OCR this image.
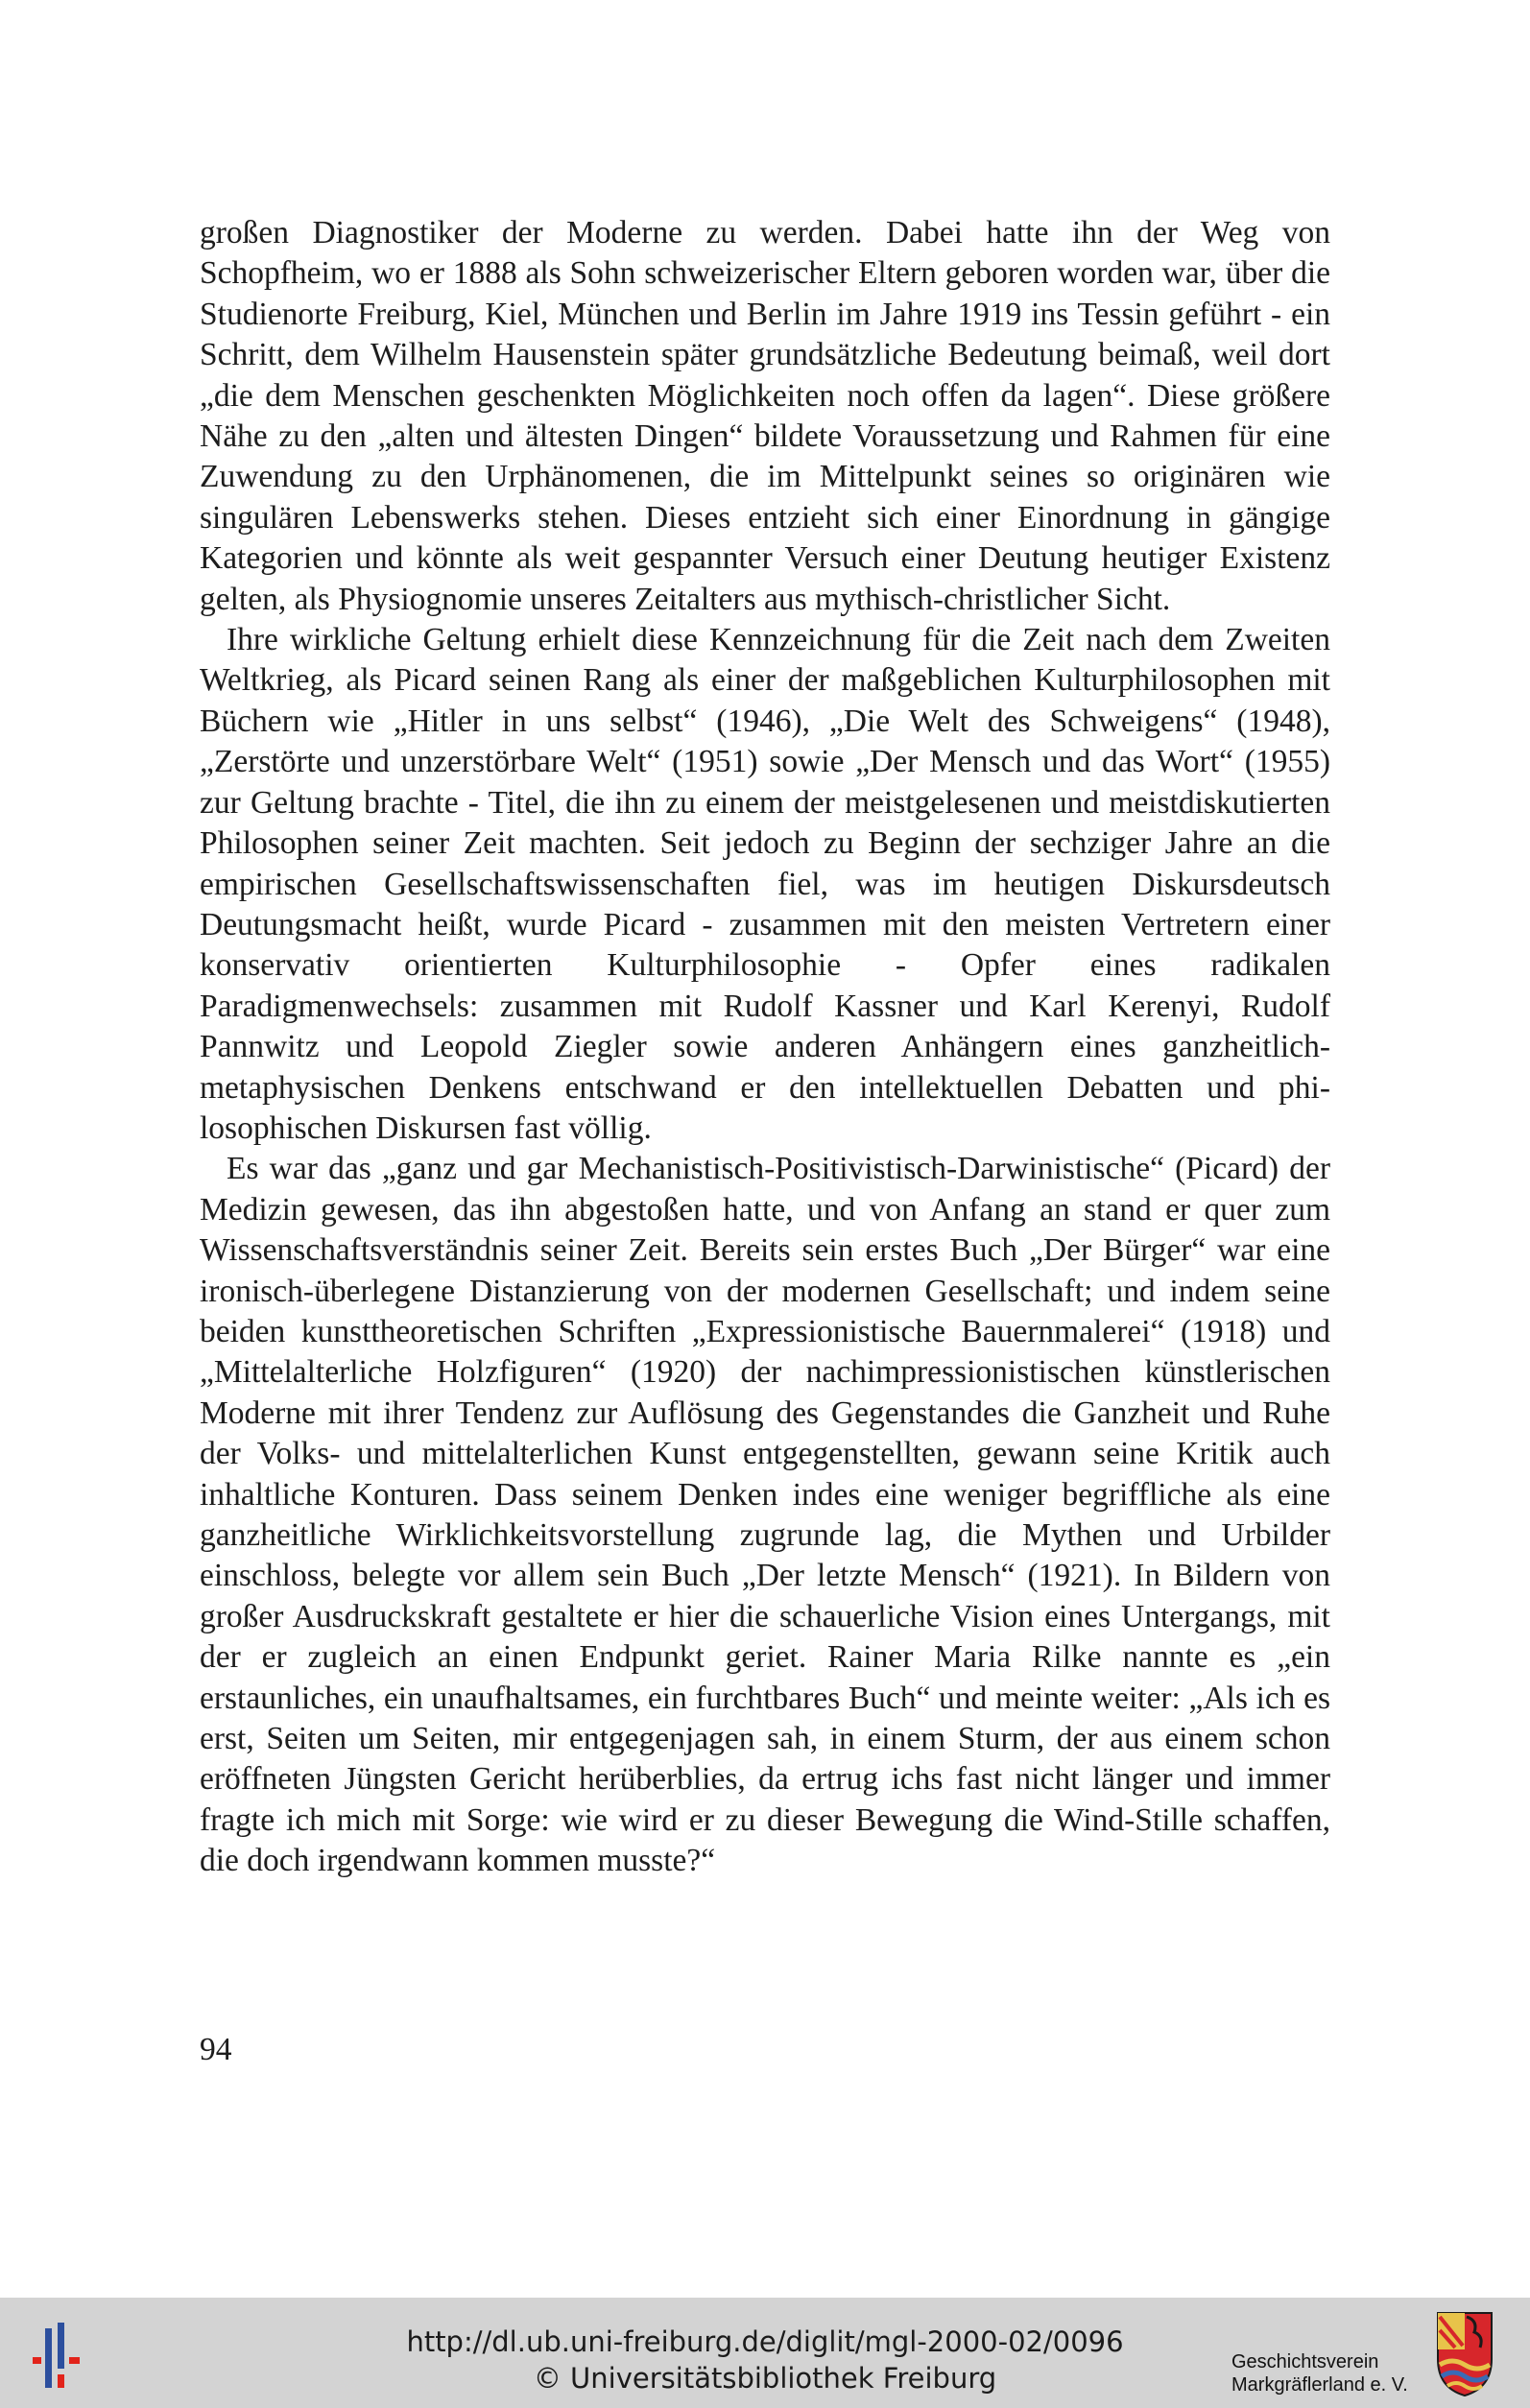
großen Diagnostiker der Moderne zu werden. Dabei hatte ihn der Weg von Schopfheim, wo er 1888 als Sohn schweizerischer Eltern geboren worden war, über die Studienorte Freiburg, Kiel, München und Berlin im Jahre 1919 ins Tessin geführt - ein Schritt, dem Wilhelm Hausenstein später grundsätzliche Bedeutung beimaß, weil dort „die dem Menschen geschenkten Möglichkeiten noch offen da lagen“. Diese größere Nähe zu den „alten und ältesten Dingen“ bildete Voraussetzung und Rahmen für eine Zuwendung zu den Urphänomenen, die im Mittelpunkt seines so originären wie singulären Lebenswerks stehen. Dieses entzieht sich einer Einordnung in gängige Kategorien und könnte als weit gespannter Versuch einer Deutung heutiger Existenz gelten, als Physiognomie unseres Zeitalters aus mythisch-christlicher Sicht.

Ihre wirkliche Geltung erhielt diese Kennzeichnung für die Zeit nach dem Zweiten Weltkrieg, als Picard seinen Rang als einer der maßgeblichen Kulturphilosophen mit Büchern wie „Hitler in uns selbst“ (1946), „Die Welt des Schweigens“ (1948), „Zerstörte und unzerstörbare Welt“ (1951) sowie „Der Mensch und das Wort“ (1955) zur Geltung brachte - Titel, die ihn zu einem der meistgelesenen und meistdiskutierten Philosophen seiner Zeit machten. Seit jedoch zu Beginn der sechziger Jahre an die empirischen Gesellschaftswissenschaften fiel, was im heutigen Diskursdeutsch Deutungsmacht heißt, wurde Picard - zusammen mit den meisten Vertretern einer konservativ orientierten Kulturphilosophie - Opfer eines radikalen Paradigmenwechsels: zusammen mit Rudolf Kassner und Karl Kerenyi, Rudolf Pannwitz und Leopold Ziegler sowie anderen Anhängern eines ganzheitlich-metaphysischen Denkens entschwand er den intellektuellen Debatten und philosophischen Diskursen fast völlig.

Es war das „ganz und gar Mechanistisch-Positivistisch-Darwinistische“ (Picard) der Medizin gewesen, das ihn abgestoßen hatte, und von Anfang an stand er quer zum Wissenschaftsverständnis seiner Zeit. Bereits sein erstes Buch „Der Bürger“ war eine ironisch-überlegene Distanzierung von der modernen Gesellschaft; und indem seine beiden kunsttheoretischen Schriften „Expressionistische Bauernmalerei“ (1918) und „Mittelalterliche Holzfiguren“ (1920) der nachimpressionistischen künstlerischen Moderne mit ihrer Tendenz zur Auflösung des Gegenstandes die Ganzheit und Ruhe der Volks- und mittelalterlichen Kunst entgegenstellten, gewann seine Kritik auch inhaltliche Konturen. Dass seinem Denken indes eine weniger begriffliche als eine ganzheitliche Wirklichkeitsvorstellung zugrunde lag, die Mythen und Urbilder einschloss, belegte vor allem sein Buch „Der letzte Mensch“ (1921). In Bildern von großer Ausdruckskraft gestaltete er hier die schauerliche Vision eines Untergangs, mit der er zugleich an einen Endpunkt geriet. Rainer Maria Rilke nannte es „ein erstaunliches, ein unaufhaltsames, ein furchtbares Buch“ und meinte weiter: „Als ich es erst, Seiten um Seiten, mir entgegenjagen sah, in einem Sturm, der aus einem schon eröffneten Jüngsten Gericht herüberblies, da ertrug ichs fast nicht länger und immer fragte ich mich mit Sorge: wie wird er zu dieser Bewegung die Wind-Stille schaffen, die doch irgendwann kommen musste?“

94
http://dl.ub.uni-freiburg.de/diglit/mgl-2000-02/0096
© Universitätsbibliothek Freiburg	Geschichtsverein
Markgräflerland e. V.
